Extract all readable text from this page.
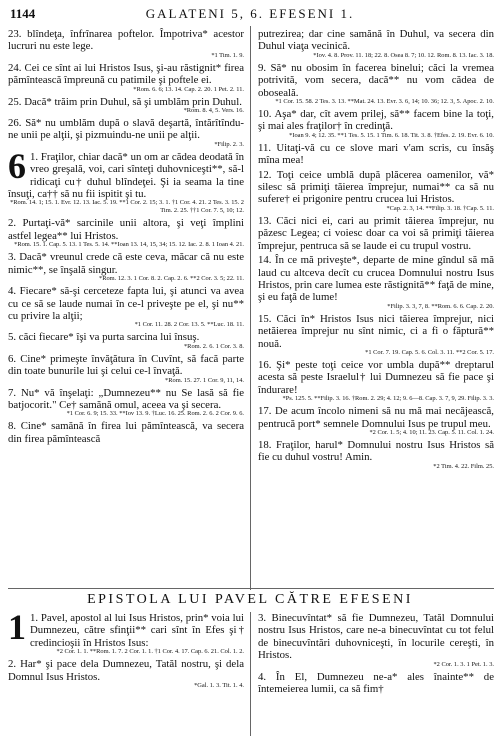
1144	GALATENI 5, 6. EFESENI 1.
23. blîndeţa, înfrînarea poftelor. Împotriva* acestor lucruri nu este lege.
*1 Tim. 1. 9.
24. Cei ce sînt ai lui Hristos Isus, şi-au răstignit* firea pămîntească împreună cu patimile şi poftele ei.
*Rom. 6. 6; 13. 14. Cap. 2. 20. 1 Pet. 2. 11.
25. Dacă* trăim prin Duhul, să şi umblăm prin Duhul.
*Rom. 8. 4, 5. Vers. 16.
26. Să* nu umblăm după o slavă deşartă, întărîtîndu-ne unii pe alţii, şi pizmuindu-ne unii pe alţii.
*Filip. 2. 3.
6 1. Fraţilor, chiar dacă* un om ar cădea deodată în vreo greşală, voi, cari sînteţi duhovniceşti**, să-l ridicaţi cu† duhul blîndeţei. Şi ia seama la tine însuţi, ca†† să nu fii ispitit şi tu.
*Rom. 14. 1; 15. 1. Evr. 12. 13. Iac. 5. 19. **1 Cor. 2. 15; 3. 1. †1 Cor. 4. 21. 2 Tes. 3. 15. 2 Tim. 2. 25. ††1 Cor. 7. 5, 10; 12.
2. Purtaţi-vă* sarcinile unii altora, şi veţi împlini astfel legea** lui Hristos.
*Rom. 15. 1. Cap. 5. 13. 1 Tes. 5. 14. **Ioan 13. 14, 15, 34; 15. 12. Iac. 2. 8. 1 Ioan 4. 21.
3. Dacă* vreunul crede că este ceva, măcar că nu este nimic**, se înşală singur.
*Rom. 12. 3. 1 Cor. 8. 2. Cap. 2. 6. **2 Cor. 3. 5; 22. 11.
4. Fiecare* să-şi cerceteze fapta lui, şi atunci va avea cu ce să se laude numai în ce-l priveşte pe el, şi nu** cu privire la alţii;
*1 Cor. 11. 28. 2 Cor. 13. 5. **Luc. 18. 11.
5. căci fiecare* îşi va purta sarcina lui însuş.
*Rom. 2. 6. 1 Cor. 3. 8.
6. Cine* primeşte învăţătura în Cuvînt, să facă parte din toate bunurile lui şi celui ce-l învaţă.
*Rom. 15. 27. 1 Cor. 9, 11, 14.
7. Nu* vă înşelaţi: „Dumnezeu** nu Se lasă să fie batjocorit." Ce† samănă omul, aceea va şi secera.
*1 Cor. 6. 9; 15. 33. **Iov 13. 9. †Luc. 16. 25. Rom. 2. 6. 2 Cor. 9. 6.
8. Cine* samănă în firea lui pămîntească, va secera din firea pămîntească
putrezirea; dar cine samănă în Duhul, va secera din Duhul viaţa vecinică.
*Iov. 4. 8. Prov. 11. 18; 22. 8. Osea 8. 7; 10. 12. Rom. 8. 13. Iac. 3. 18.
9. Să* nu obosim în facerea binelui; căci la vremea potrivită, vom secera, dacă** nu vom cădea de oboseală.
*1 Cor. 15. 58. 2 Tes. 3. 13. **Mat. 24. 13. Evr. 3. 6, 14; 10. 36; 12. 3, 5. Apoc. 2. 10.
10. Aşa* dar, cît avem prilej, să** facem bine la toţi, şi mai ales fraţilor† în credinţă.
*Ioan 9. 4; 12. 35. **1 Tes. 5. 15. 1 Tim. 6. 18. Tit. 3. 8. †Efes. 2. 19. Evr. 6. 10.
11. Uitaţi-vă cu ce slove mari v'am scris, cu însăş mîna mea!
12. Toţi ceice umblă după plăcerea oamenilor, vă* silesc să primiţi tăierea împrejur, numai** ca să nu sufere† ei prigonire pentru crucea lui Hristos.
*Cap. 2. 3, 14. **Filip. 3. 18. †Cap. 5. 11.
13. Căci nici ei, cari au primit tăierea împrejur, nu păzesc Legea; ci voiesc doar ca voi să primiţi tăierea împrejur, pentruca să se laude ei cu trupul vostru.
14. În ce mă priveşte*, departe de mine gîndul să mă laud cu altceva decît cu crucea Domnului nostru Isus Hristos, prin care lumea este răstignită** faţă de mine, şi eu faţă de lume!
*Filip. 3. 3, 7, 8. **Rom. 6. 6. Cap. 2. 20.
15. Căci în* Hristos Isus nici tăierea împrejur, nici netăierea împrejur nu sînt nimic, ci a fi o făptură** nouă.
*1 Cor. 7. 19. Cap. 5. 6. Col. 3. 11. **2 Cor. 5. 17.
16. Şi* peste toţi ceice vor umbla după** dreptarul acesta să peste Israelul† lui Dumnezeu să fie pace şi îndurare!
*Ps. 125. 5. **Filip. 3. 16. †Rom. 2. 29; 4. 12; 9. 6—8. Cap. 3. 7, 9, 29. Filip. 3. 3.
17. De acum încolo nimeni să nu mă mai necăjească, pentrucă port* semnele Domnului Isus pe trupul meu.
*2 Cor. 1. 5; 4. 10; 11. 23. Cap. 5. 11. Col. 1. 24.
18. Fraţilor, harul* Domnului nostru Isus Hristos să fie cu duhul vostru! Amin.
*2 Tim. 4. 22. Film. 25.
EPISTOLA LUI PAVEL CĂTRE EFESENI
1 1. Pavel, apostol al lui Isus Hristos, prin* voia lui Dumnezeu, către sfinţii** cari sînt în Efes şi† credincioşii în Hristos Isus:
*2 Cor. 1. 1. **Rom. 1. 7. 2 Cor. 1. 1. †1 Cor. 4. 17. Cap. 6. 21. Col. 1. 2.
2. Har* şi pace dela Dumnezeu, Tatăl nostru, şi dela Domnul Isus Hristos.
*Gal. 1. 3. Tit. 1. 4.
3. Binecuvîntat* să fie Dumnezeu, Tatăl Domnului nostru Isus Hristos, care ne-a binecuvîntat cu tot felul de binecuvîntări duhovniceşti, în locurile cereşti, în Hristos.
*2 Cor. 1. 3. 1 Pet. 1. 3.
4. În El, Dumnezeu ne-a* ales înainte** de întemeierea lumii, ca să fim†
